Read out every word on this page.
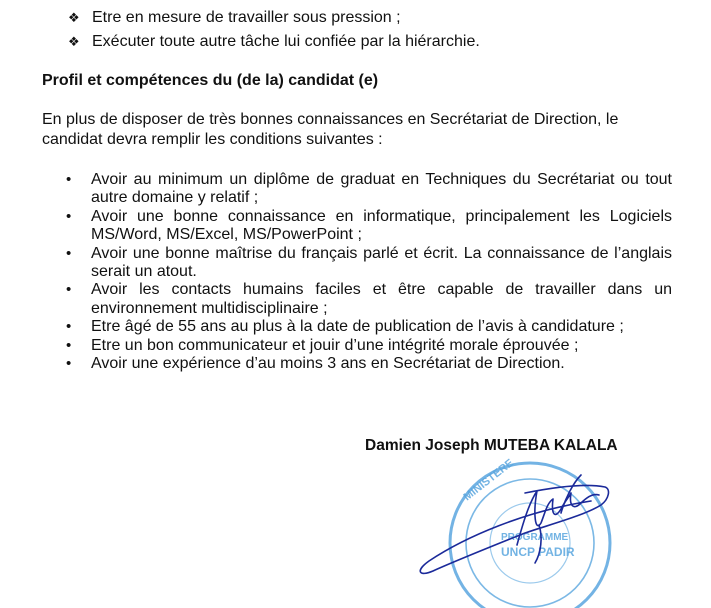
❖ Etre en mesure de travailler sous pression ;
❖ Exécuter toute autre tâche lui confiée par la hiérarchie.
Profil et compétences du (de la) candidat (e)

En plus de disposer de très bonnes connaissances en Secrétariat de Direction, le candidat devra remplir les conditions suivantes :

• Avoir au minimum un diplôme de graduat en Techniques du Secrétariat ou tout autre domaine y relatif ;
• Avoir une bonne connaissance en informatique, principalement les Logiciels MS/Word, MS/Excel, MS/PowerPoint ;
• Avoir une bonne maîtrise du français parlé et écrit. La connaissance de l’anglais serait un atout.
• Avoir les contacts humains faciles et être capable de travailler dans un environnement multidisciplinaire ;
• Etre âgé de 55 ans au plus à la date de publication de l’avis à candidature ;
• Etre un bon communicateur et jouir d’une intégrité morale éprouvée ;
• Avoir une expérience d’au moins 3 ans en Secrétariat de Direction.

Damien Joseph MUTEBA KALALA

MINISTERE
PROGRAMME
UNCP PADIR
